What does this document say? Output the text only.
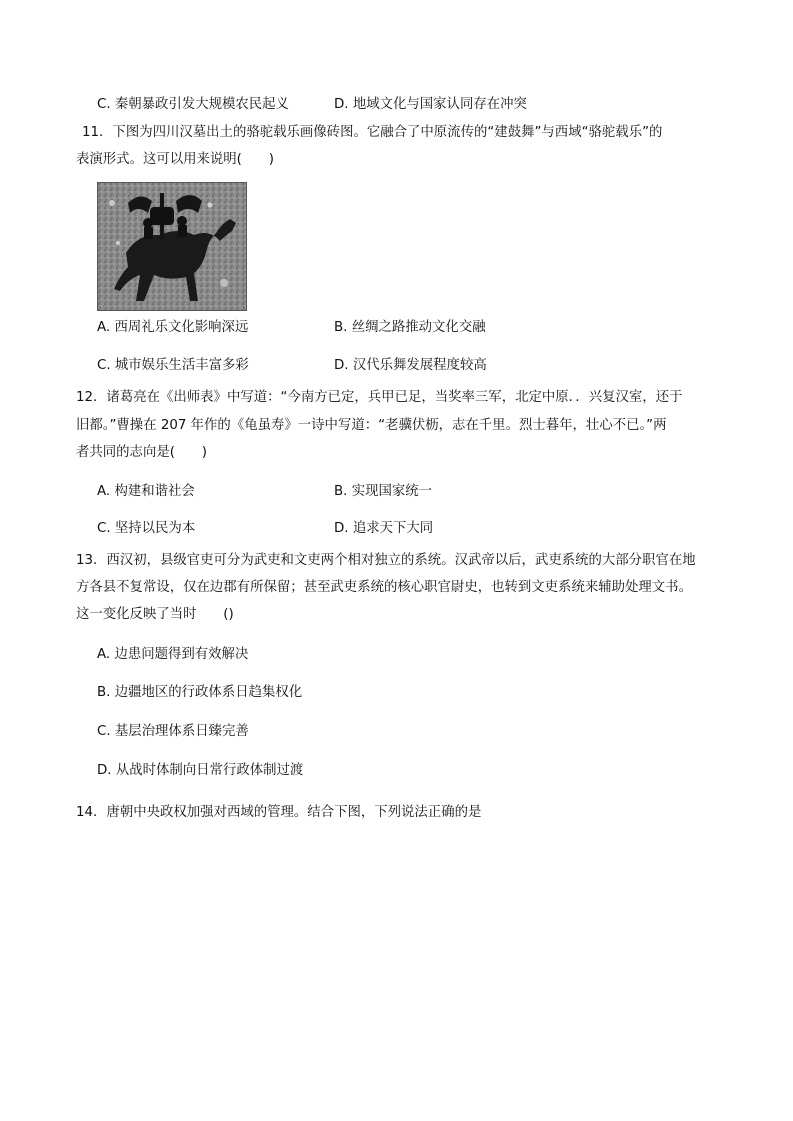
C. 秦朝暴政引发大规模农民起义	D. 地域文化与国家认同存在冲突
11．下图为四川汉墓出土的骆驼载乐画像砖图。它融合了中原流传的“建鼓舞”与西域“骆驼载乐”的
表演形式。这可以用来说明(　　)
A. 西周礼乐文化影响深远	B. 丝绸之路推动文化交融
C. 城市娱乐生活丰富多彩	D. 汉代乐舞发展程度较高
12．诸葛亮在《出师表》中写道：“今南方已定，兵甲已足，当奖率三军，北定中原．．兴复汉室，还于
旧都。”曹操在 207 年作的《龟虽寿》一诗中写道：“老骥伏枥，志在千里。烈士暮年，壮心不已。”两
者共同的志向是(　　)
A. 构建和谐社会	B. 实现国家统一
C. 坚持以民为本	D. 追求天下大同
13．西汉初，县级官吏可分为武吏和文吏两个相对独立的系统。汉武帝以后，武吏系统的大部分职官在地
方各县不复常设，仅在边郡有所保留；甚至武吏系统的核心职官尉史，也转到文吏系统来辅助处理文书。
这一变化反映了当时　　()
A. 边患问题得到有效解决
B. 边疆地区的行政体系日趋集权化
C. 基层治理体系日臻完善
D. 从战时体制向日常行政体制过渡
14．唐朝中央政权加强对西域的管理。结合下图，下列说法正确的是
